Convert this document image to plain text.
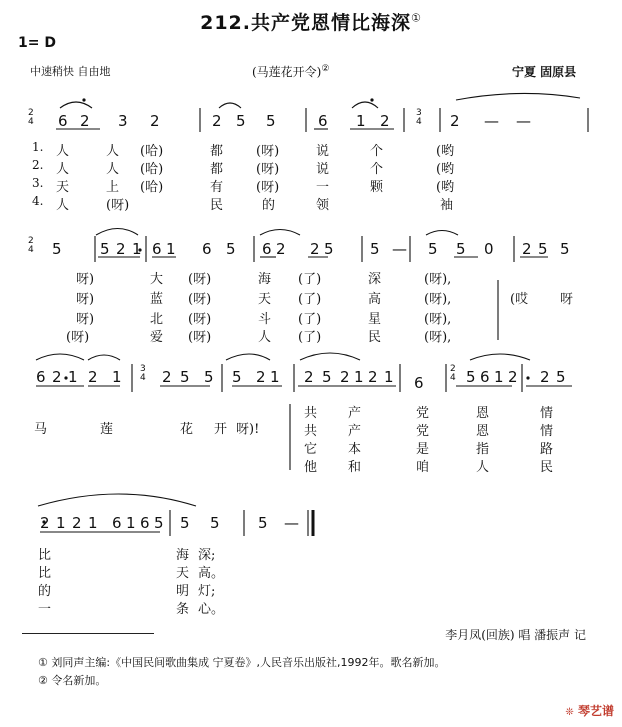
212.共产党恩情比海深①
1= D
中速稍快 自由地	(马莲花开令)②	宁夏 固原县
2
4 6 2 3 2	2 5 5	6 1 2	3
4 2 — —
1. 人	人 (哈)	都	(呀)	说	个	(哟
2. 人	人 (哈)	都	(呀)	说	个	(哟
3. 天	上 (哈)	有	(呀)	一	颗	(哟
4. 人	(呀)	民	的	领	袖
2
4 5	5 2 1 6 1 6 5 6 2 2 5 5 — 5 5 0 2 5 5
呀)	大 (呀)	海 (了)	深	(呀),
呀)	蓝 (呀)	天 (了)	高	(呀),
呀)	北 (呀)	斗 (了)	星	(呀),
(呀)	爱 (呀)	人 (了)	民	(呀),
(哎 呀
6 2 1 2 1 3
4 2 5 5 5 2 1 2 5 2 1 2 1 6
2
4 5 6 1 2 2 5
马	莲	花 开 呀)!
共 产	党	恩	情
共 产	党	恩	情
它 本	是	指	路
他 和	咱	人	民
2 1 2 1 6 1 6 5 5 5	5 —
比	海 深;
比	天 高。
的	明 灯;
一	条 心。
李月凤(回族) 唱 潘振声 记
① 刘同声主编:《中国民间歌曲集成 宁夏卷》,人民音乐出版社,1992年。歌名新加。
② 令名新加。
❊ 琴艺谱
